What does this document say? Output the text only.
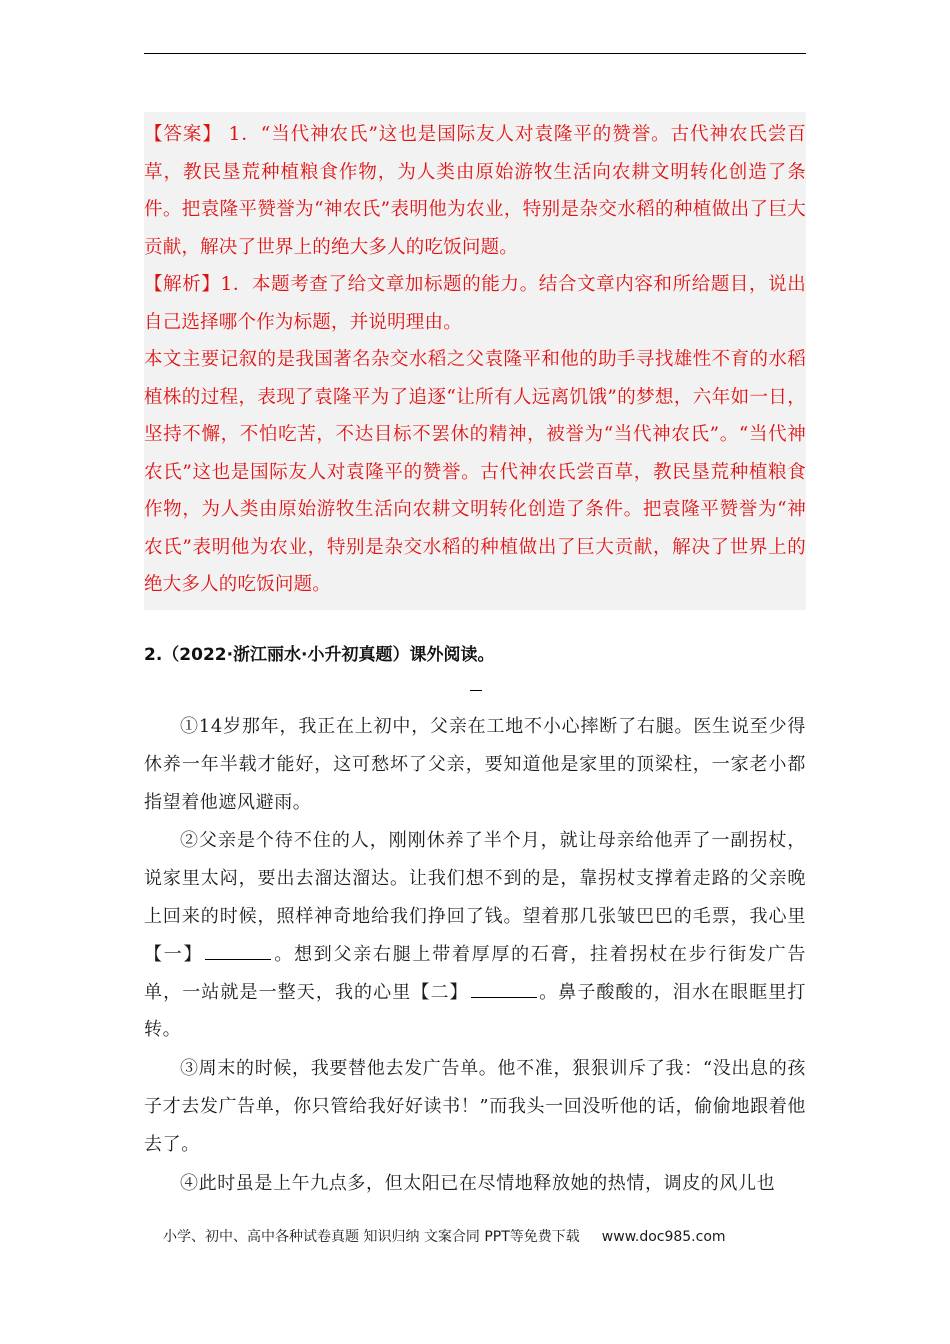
【答案】 1．“当代神农氏”这也是国际友人对袁隆平的赞誉。古代神农氏尝百草，教民垦荒种植粮食作物，为人类由原始游牧生活向农耕文明转化创造了条件。把袁隆平赞誉为“神农氏”表明他为农业，特别是杂交水稻的种植做出了巨大贡献，解决了世界上的绝大多人的吃饭问题。

【解析】1．本题考查了给文章加标题的能力。结合文章内容和所给题目，说出自己选择哪个作为标题，并说明理由。

本文主要记叙的是我国著名杂交水稻之父袁隆平和他的助手寻找雄性不育的水稻植株的过程，表现了袁隆平为了追逐“让所有人远离饥饿”的梦想，六年如一日，坚持不懈，不怕吃苦，不达目标不罢休的精神，被誉为“当代神农氏”。“当代神农氏”这也是国际友人对袁隆平的赞誉。古代神农氏尝百草，教民垦荒种植粮食作物，为人类由原始游牧生活向农耕文明转化创造了条件。把袁隆平赞誉为“神农氏”表明他为农业，特别是杂交水稻的种植做出了巨大贡献，解决了世界上的绝大多人的吃饭问题。

2.（2022·浙江丽水·小升初真题）课外阅读。

①14岁那年，我正在上初中，父亲在工地不小心摔断了右腿。医生说至少得休养一年半载才能好，这可愁坏了父亲，要知道他是家里的顶梁柱，一家老小都指望着他遮风避雨。

②父亲是个待不住的人，刚刚休养了半个月，就让母亲给他弄了一副拐杖，说家里太闷，要出去溜达溜达。让我们想不到的是，靠拐杖支撑着走路的父亲晚上回来的时候，照样神奇地给我们挣回了钱。望着那几张皱巴巴的毛票，我心里【一】	。想到父亲右腿上带着厚厚的石膏，拄着拐杖在步行街发广告单，一站就是一整天，我的心里【二】	。鼻子酸酸的，泪水在眼眶里打转。

③周末的时候，我要替他去发广告单。他不准，狠狠训斥了我：“没出息的孩子才去发广告单，你只管给我好好读书！”而我头一回没听他的话，偷偷地跟着他去了。

④此时虽是上午九点多，但太阳已在尽情地释放她的热情，调皮的风儿也

小学、初中、高中各种试卷真题 知识归纳 文案合同 PPT等免费下载 www.doc985.com
